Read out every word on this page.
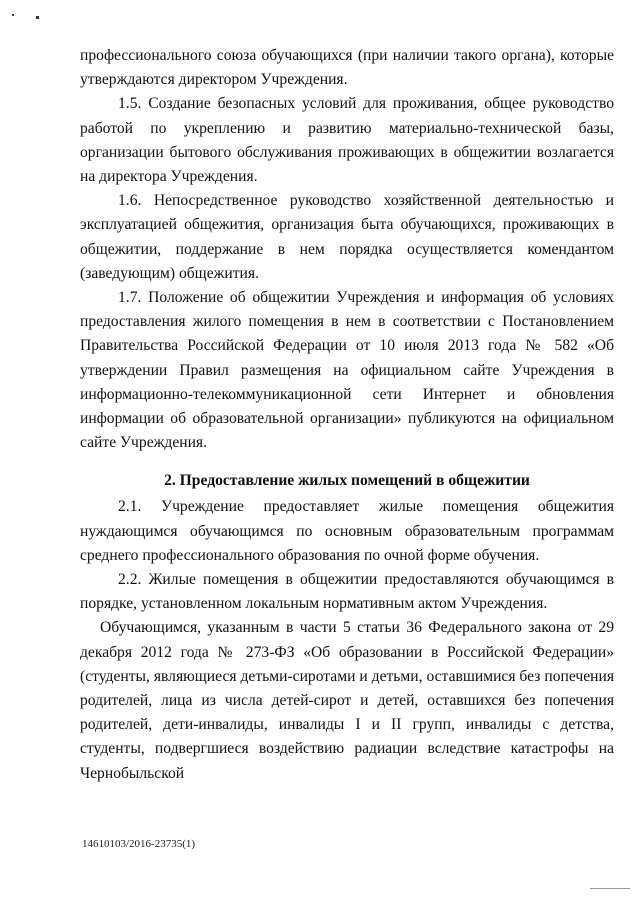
профессионального союза обучающихся (при наличии такого органа), которые утверждаются директором Учреждения.

1.5. Создание безопасных условий для проживания, общее руководство работой по укреплению и развитию материально-технической базы, организации бытового обслуживания проживающих в общежитии возлагается на директора Учреждения.

1.6. Непосредственное руководство хозяйственной деятельностью и эксплуатацией общежития, организация быта обучающихся, проживающих в общежитии, поддержание в нем порядка осуществляется комендантом (заведующим) общежития.

1.7. Положение об общежитии Учреждения и информация об условиях предоставления жилого помещения в нем в соответствии с Постановлением Правительства Российской Федерации от 10 июля 2013 года № 582 «Об утверждении Правил размещения на официальном сайте Учреждения в информационно-телекоммуникационной сети Интернет и обновления информации об образовательной организации» публикуются на официальном сайте Учреждения.

2. Предоставление жилых помещений в общежитии

2.1. Учреждение предоставляет жилые помещения общежития нуждающимся обучающимся по основным образовательным программам среднего профессионального образования по очной форме обучения.

2.2. Жилые помещения в общежитии предоставляются обучающимся в порядке, установленном локальным нормативным актом Учреждения.

Обучающимся, указанным в части 5 статьи 36 Федерального закона от 29 декабря 2012 года № 273-ФЗ «Об образовании в Российской Федерации» (студенты, являющиеся детьми-сиротами и детьми, оставшимися без попечения родителей, лица из числа детей-сирот и детей, оставшихся без попечения родителей, дети-инвалиды, инвалиды I и II групп, инвалиды с детства, студенты, подвергшиеся воздействию радиации вследствие катастрофы на Чернобыльской

14610103/2016-23735(1)
